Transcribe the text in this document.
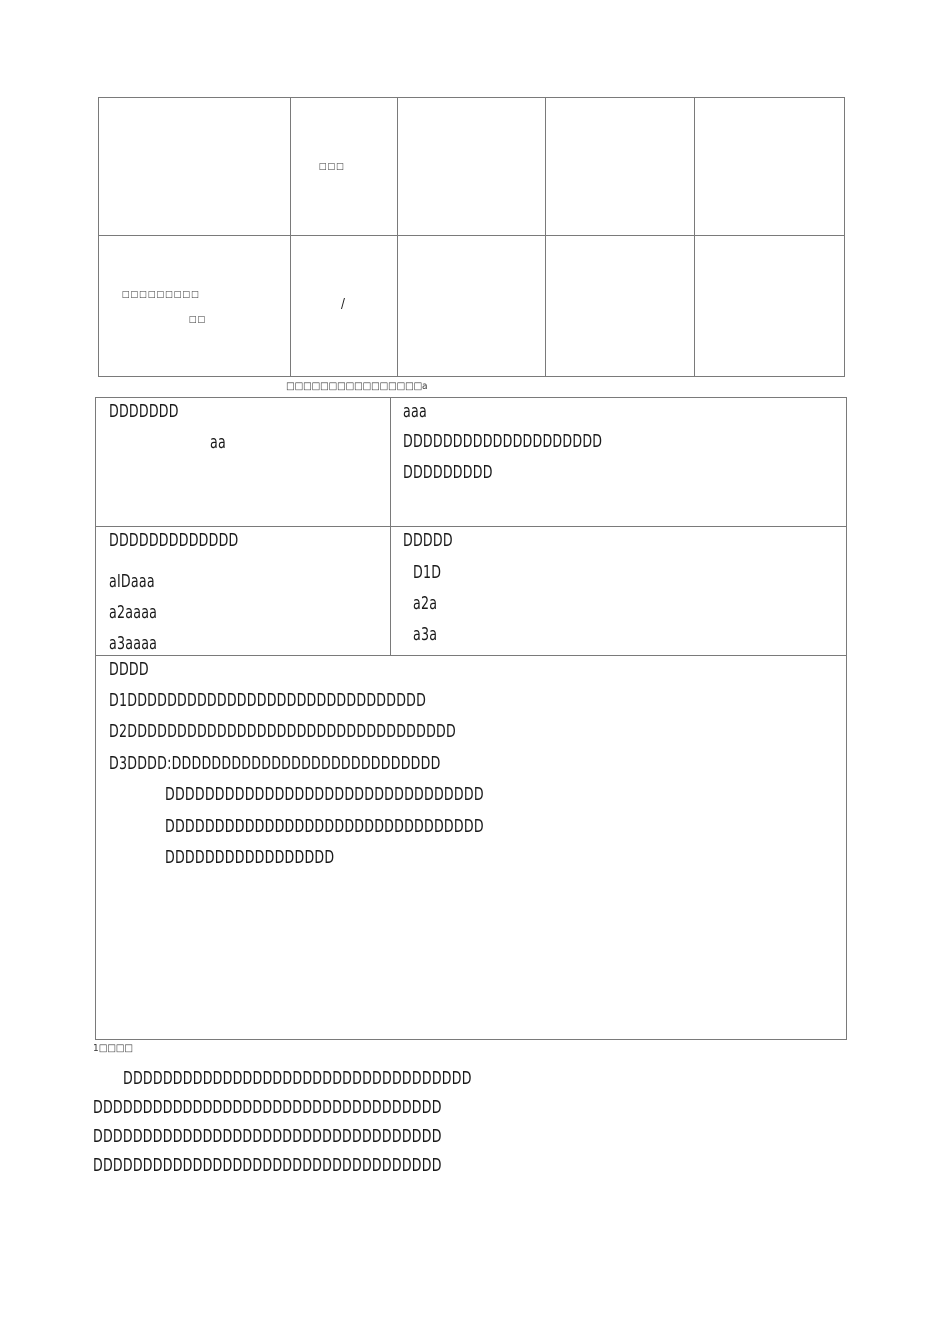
□□□
□□□□□□□□□
□□
/
□□□□□□□□□□□□□□□□a
DDDDDDD
aa
aaa
DDDDDDDDDDDDDDDDDDDD
DDDDDDDDD
DDDDDDDDDDDDD
aIDaaa
a2aaaa
a3aaaa
DDDDD
D1D
a2a
a3a
DDDD
D1DDDDDDDDDDDDDDDDDDDDDDDDDDDDDD
D2DDDDDDDDDDDDDDDDDDDDDDDDDDDDDDDDD
D3DDDD:DDDDDDDDDDDDDDDDDDDDDDDDDDD
DDDDDDDDDDDDDDDDDDDDDDDDDDDDDDDD
DDDDDDDDDDDDDDDDDDDDDDDDDDDDDDDD
DDDDDDDDDDDDDDDDD
1□□□□
DDDDDDDDDDDDDDDDDDDDDDDDDDDDDDDDDDD
DDDDDDDDDDDDDDDDDDDDDDDDDDDDDDDDDDD
DDDDDDDDDDDDDDDDDDDDDDDDDDDDDDDDDDD
DDDDDDDDDDDDDDDDDDDDDDDDDDDDDDDDDDD
